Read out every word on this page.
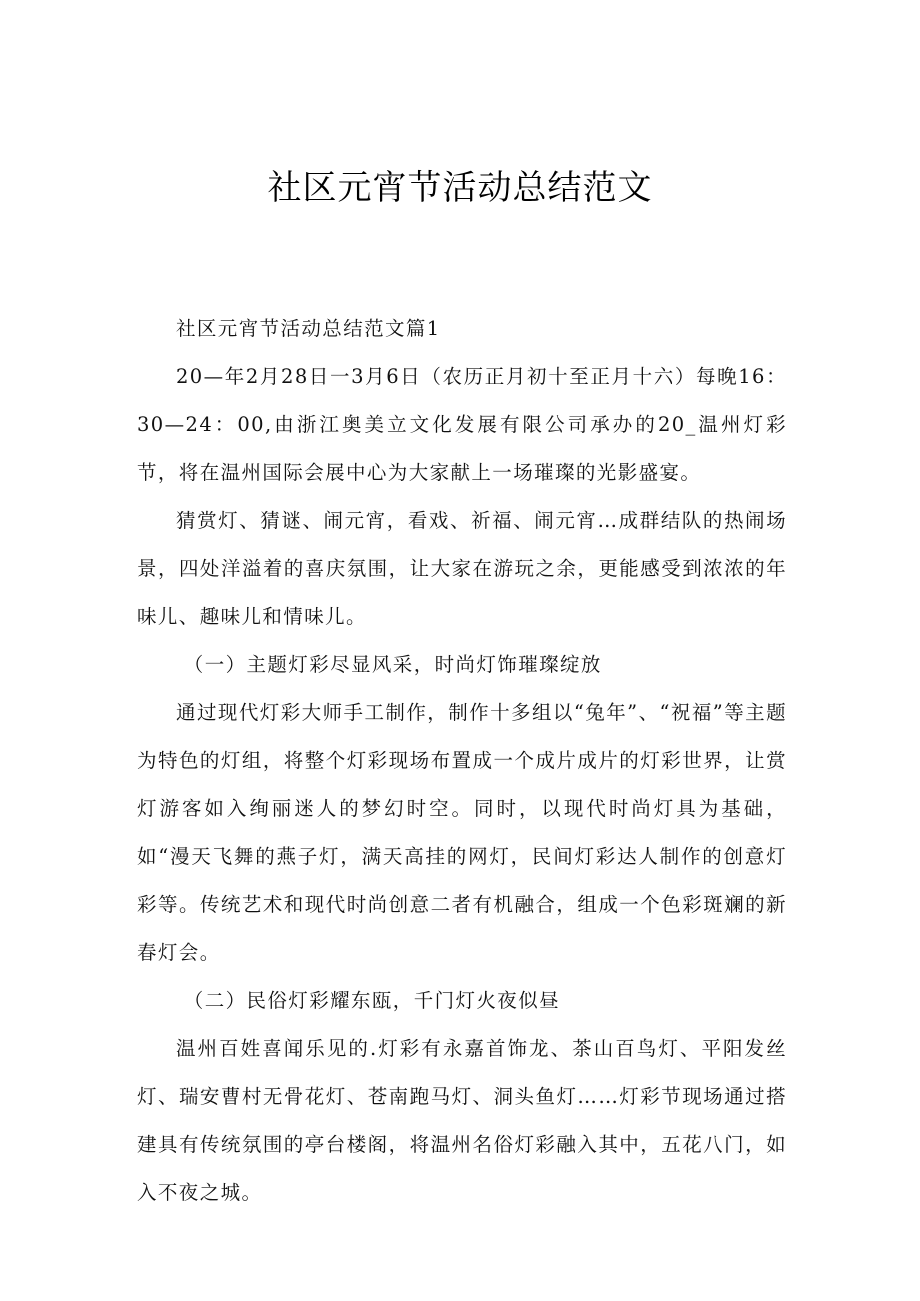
社区元宵节活动总结范文

社区元宵节活动总结范文篇1

20—年2月28日一3月6日（农历正月初十至正月十六）每晚16：30—24：00,由浙江奥美立文化发展有限公司承办的20_温州灯彩节，将在温州国际会展中心为大家献上一场璀璨的光影盛宴。

猜赏灯、猜谜、闹元宵，看戏、祈福、闹元宵…成群结队的热闹场景，四处洋溢着的喜庆氛围，让大家在游玩之余，更能感受到浓浓的年味儿、趣味儿和情味儿。

（一）主题灯彩尽显风采，时尚灯饰璀璨绽放

通过现代灯彩大师手工制作，制作十多组以“兔年”、“祝福”等主题为特色的灯组，将整个灯彩现场布置成一个成片成片的灯彩世界，让赏灯游客如入绚丽迷人的梦幻时空。同时，以现代时尚灯具为基础，如“漫天飞舞的燕子灯，满天高挂的网灯，民间灯彩达人制作的创意灯彩等。传统艺术和现代时尚创意二者有机融合，组成一个色彩斑斓的新春灯会。

（二）民俗灯彩耀东瓯，千门灯火夜似昼

温州百姓喜闻乐见的.灯彩有永嘉首饰龙、茶山百鸟灯、平阳发丝灯、瑞安曹村无骨花灯、苍南跑马灯、洞头鱼灯……灯彩节现场通过搭建具有传统氛围的亭台楼阁，将温州名俗灯彩融入其中，五花八门，如入不夜之城。
